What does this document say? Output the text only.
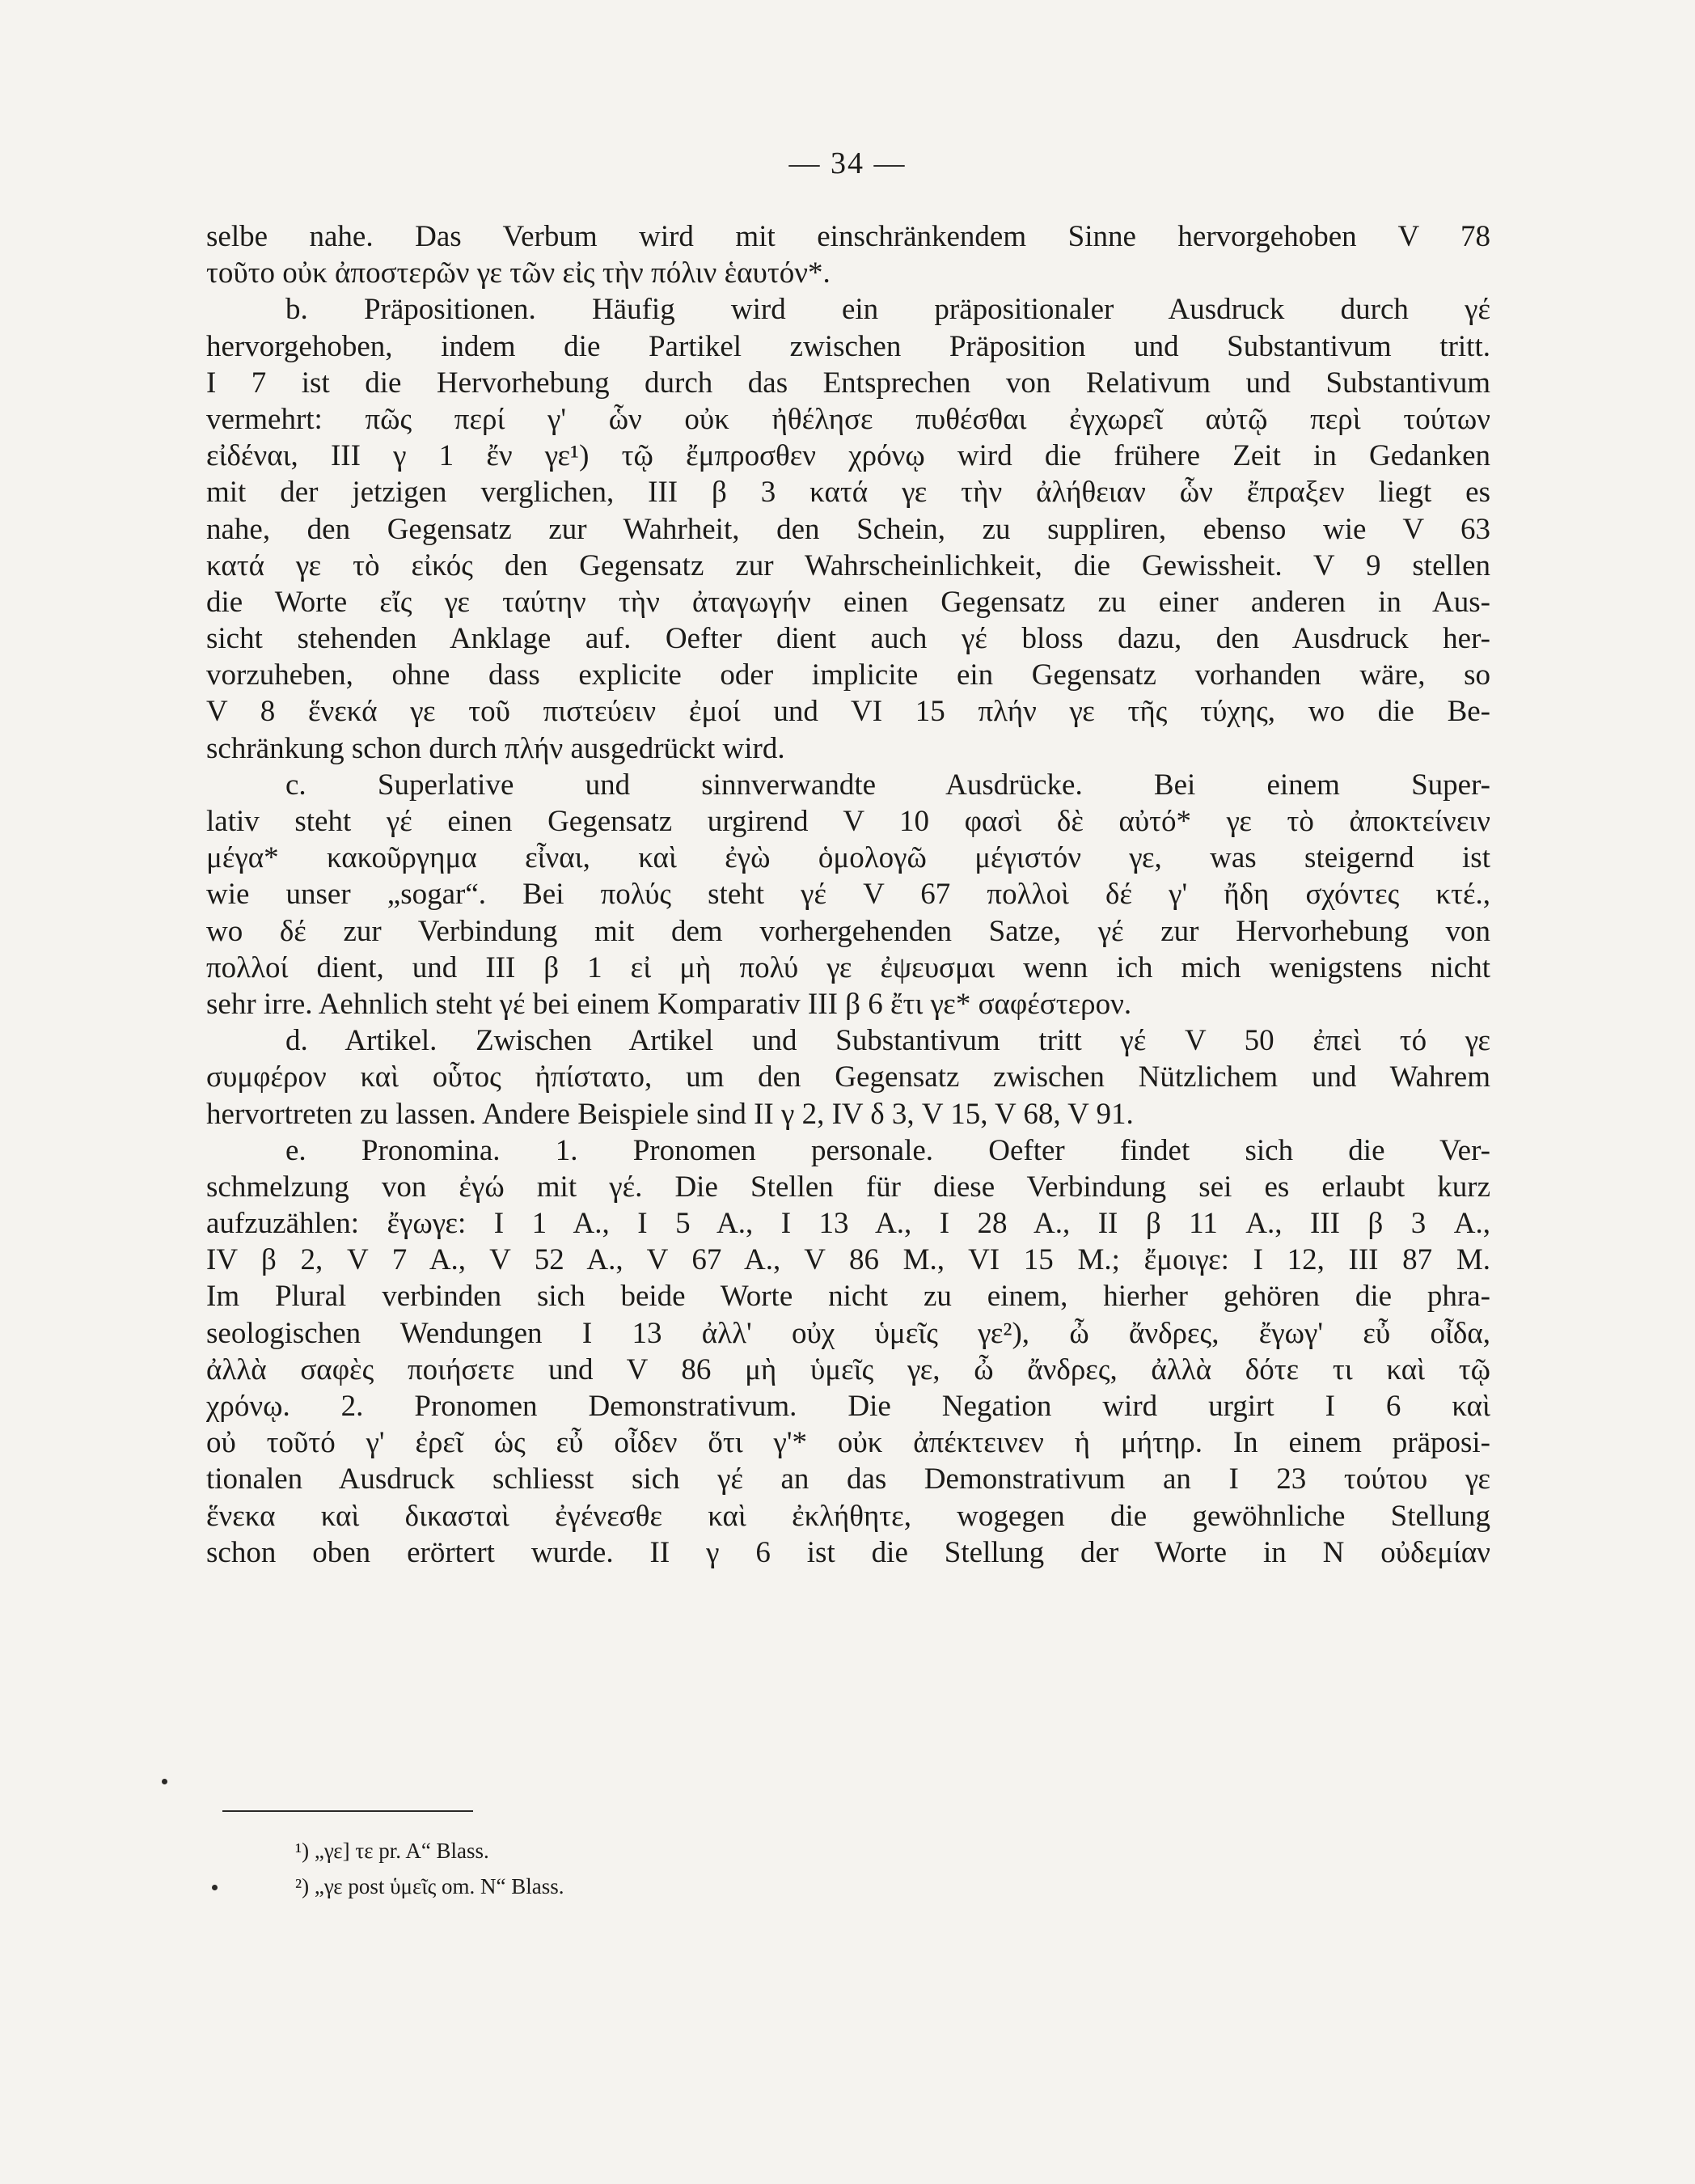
— 34 —
selbe nahe. Das Verbum wird mit einschränkendem Sinne hervorgehoben V 78
τοῦτο οὐκ ἀποστερῶν γε τῶν εἰς τὴν πόλιν ἑαυτόν*.
b. Präpositionen. Häufig wird ein präpositionaler Ausdruck durch γέ
hervorgehoben, indem die Partikel zwischen Präposition und Substantivum tritt.
I 7 ist die Hervorhebung durch das Entsprechen von Relativum und Substantivum
vermehrt: πῶς περί γ' ὧν οὐκ ἠθέλησε πυθέσθαι ἐγχωρεῖ αὐτῷ περὶ τούτων
εἰδέναι, III γ 1 ἔν γε¹) τῷ ἔμπροσθεν χρόνῳ wird die frühere Zeit in Gedanken
mit der jetzigen verglichen, III β 3 κατά γε τὴν ἀλήθειαν ὧν ἔπραξεν liegt es
nahe, den Gegensatz zur Wahrheit, den Schein, zu suppliren, ebenso wie V 63
κατά γε τὸ εἰκός den Gegensatz zur Wahrscheinlichkeit, die Gewissheit. V 9 stellen
die Worte εἴς γε ταύτην τὴν ἀταγωγήν einen Gegensatz zu einer anderen in Aus-
sicht stehenden Anklage auf. Oefter dient auch γέ bloss dazu, den Ausdruck her-
vorzuheben, ohne dass explicite oder implicite ein Gegensatz vorhanden wäre, so
V 8 ἕνεκά γε τοῦ πιστεύειν ἐμοί und VI 15 πλήν γε τῆς τύχης, wo die Be-
schränkung schon durch πλήν ausgedrückt wird.
c. Superlative und sinnverwandte Ausdrücke. Bei einem Super-
lativ steht γέ einen Gegensatz urgirend V 10 φασὶ δὲ αὐτό* γε τὸ ἀποκτείνειν
μέγα* κακοῦργημα εἶναι, καὶ ἐγὼ ὁμολογῶ μέγιστόν γε, was steigernd ist
wie unser „sogar“. Bei πολύς steht γέ V 67 πολλοὶ δέ γ' ἤδη σχόντες κτέ.,
wo δέ zur Verbindung mit dem vorhergehenden Satze, γέ zur Hervorhebung von
πολλοί dient, und III β 1 εἰ μὴ πολύ γε ἐψευσμαι wenn ich mich wenigstens nicht
sehr irre. Aehnlich steht γέ bei einem Komparativ III β 6 ἔτι γε* σαφέστερον.
d. Artikel. Zwischen Artikel und Substantivum tritt γέ V 50 ἐπεὶ τό γε
συμφέρον καὶ οὗτος ἠπίστατο, um den Gegensatz zwischen Nützlichem und Wahrem
hervortreten zu lassen. Andere Beispiele sind II γ 2, IV δ 3, V 15, V 68, V 91.
e. Pronomina. 1. Pronomen personale. Oefter findet sich die Ver-
schmelzung von ἐγώ mit γέ. Die Stellen für diese Verbindung sei es erlaubt kurz
aufzuzählen: ἔγωγε: I 1 A., I 5 A., I 13 A., I 28 A., II β 11 A., III β 3 A.,
IV β 2, V 7 A., V 52 A., V 67 A., V 86 M., VI 15 M.; ἔμοιγε: I 12, III 87 M.
Im Plural verbinden sich beide Worte nicht zu einem, hierher gehören die phra-
seologischen Wendungen I 13 ἀλλ' οὐχ ὑμεῖς γε²), ὦ ἄνδρες, ἔγωγ' εὖ οἶδα,
ἀλλὰ σαφὲς ποιήσετε und V 86 μὴ ὑμεῖς γε, ὦ ἄνδρες, ἀλλὰ δότε τι καὶ τῷ
χρόνῳ. 2. Pronomen Demonstrativum. Die Negation wird urgirt I 6 καὶ
οὐ τοῦτό γ' ἐρεῖ ὡς εὖ οἶδεν ὅτι γ'* οὐκ ἀπέκτεινεν ἡ μήτηρ. In einem präposi-
tionalen Ausdruck schliesst sich γέ an das Demonstrativum an I 23 τούτου γε
ἕνεκα καὶ δικασταὶ ἐγένεσθε καὶ ἐκλήθητε, wogegen die gewöhnliche Stellung
schon oben erörtert wurde. II γ 6 ist die Stellung der Worte in N οὐδεμίαν
¹) „γε] τε pr. A“ Blass.
²) „γε post ὑμεῖς om. N“ Blass.
